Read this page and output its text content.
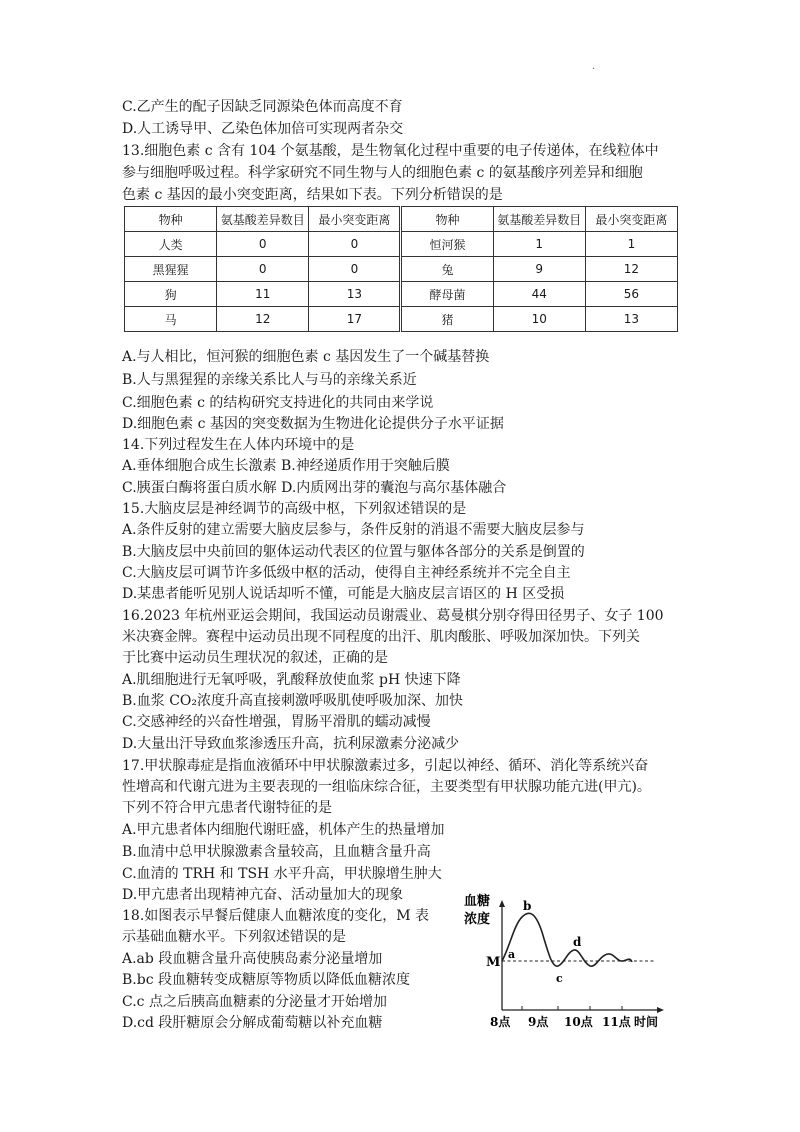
·
C.乙产生的配子因缺乏同源染色体而高度不育
D.人工诱导甲、乙染色体加倍可实现两者杂交
13.细胞色素 c 含有 104 个氨基酸，是生物氧化过程中重要的电子传递体，在线粒体中
参与细胞呼吸过程。科学家研究不同生物与人的细胞色素 c 的氨基酸序列差异和细胞
色素 c 基因的最小突变距离，结果如下表。下列分析错误的是
物种	氨基酸差异数目	最小突变距离	物种	氨基酸差异数目	最小突变距离
人类	0	0	恒河猴	1	1
黑猩猩	0	0	兔	9	12
狗	11	13	酵母菌	44	56
马	12	17	猪	10	13
A.与人相比，恒河猴的细胞色素 c 基因发生了一个碱基替换
B.人与黑猩猩的亲缘关系比人与马的亲缘关系近
C.细胞色素 c 的结构研究支持进化的共同由来学说
D.细胞色素 c 基因的突变数据为生物进化论提供分子水平证据
14.下列过程发生在人体内环境中的是
A.垂体细胞合成生长激素 B.神经递质作用于突触后膜
C.胰蛋白酶将蛋白质水解 D.内质网出芽的囊泡与高尔基体融合
15.大脑皮层是神经调节的高级中枢，下列叙述错误的是
A.条件反射的建立需要大脑皮层参与，条件反射的消退不需要大脑皮层参与
B.大脑皮层中央前回的躯体运动代表区的位置与躯体各部分的关系是倒置的
C.大脑皮层可调节许多低级中枢的活动，使得自主神经系统并不完全自主
D.某患者能听见别人说话却听不懂，可能是大脑皮层言语区的 H 区受损
16.2023 年杭州亚运会期间，我国运动员谢震业、葛曼棋分别夺得田径男子、女子 100
米决赛金牌。赛程中运动员出现不同程度的出汗、肌肉酸胀、呼吸加深加快。下列关
于比赛中运动员生理状况的叙述，正确的是
A.肌细胞进行无氧呼吸，乳酸释放使血浆 pH 快速下降
B.血浆 CO₂浓度升高直接刺激呼吸肌使呼吸加深、加快
C.交感神经的兴奋性增强，胃肠平滑肌的蠕动减慢
D.大量出汗导致血浆渗透压升高，抗利尿激素分泌减少
17.甲状腺毒症是指血液循环中甲状腺激素过多，引起以神经、循环、消化等系统兴奋
性增高和代谢亢进为主要表现的一组临床综合征，主要类型有甲状腺功能亢进(甲亢)。
下列不符合甲亢患者代谢特征的是
A.甲亢患者体内细胞代谢旺盛，机体产生的热量增加
B.血清中总甲状腺激素含量较高，且血糖含量升高
C.血清的 TRH 和 TSH 水平升高，甲状腺增生肿大
D.甲亢患者出现精神亢奋、活动量加大的现象
18.如图表示早餐后健康人血糖浓度的变化，M 表
示基础血糖水平。下列叙述错误的是
A.ab 段血糖含量升高使胰岛素分泌量增加
B.bc 段血糖转变成糖原等物质以降低血糖浓度
C.c 点之后胰高血糖素的分泌量才开始增加
D.cd 段肝糖原会分解成葡萄糖以补充血糖
血糖
浓度
M
a
b
c
d
8点 9点 10点 11点 时间
